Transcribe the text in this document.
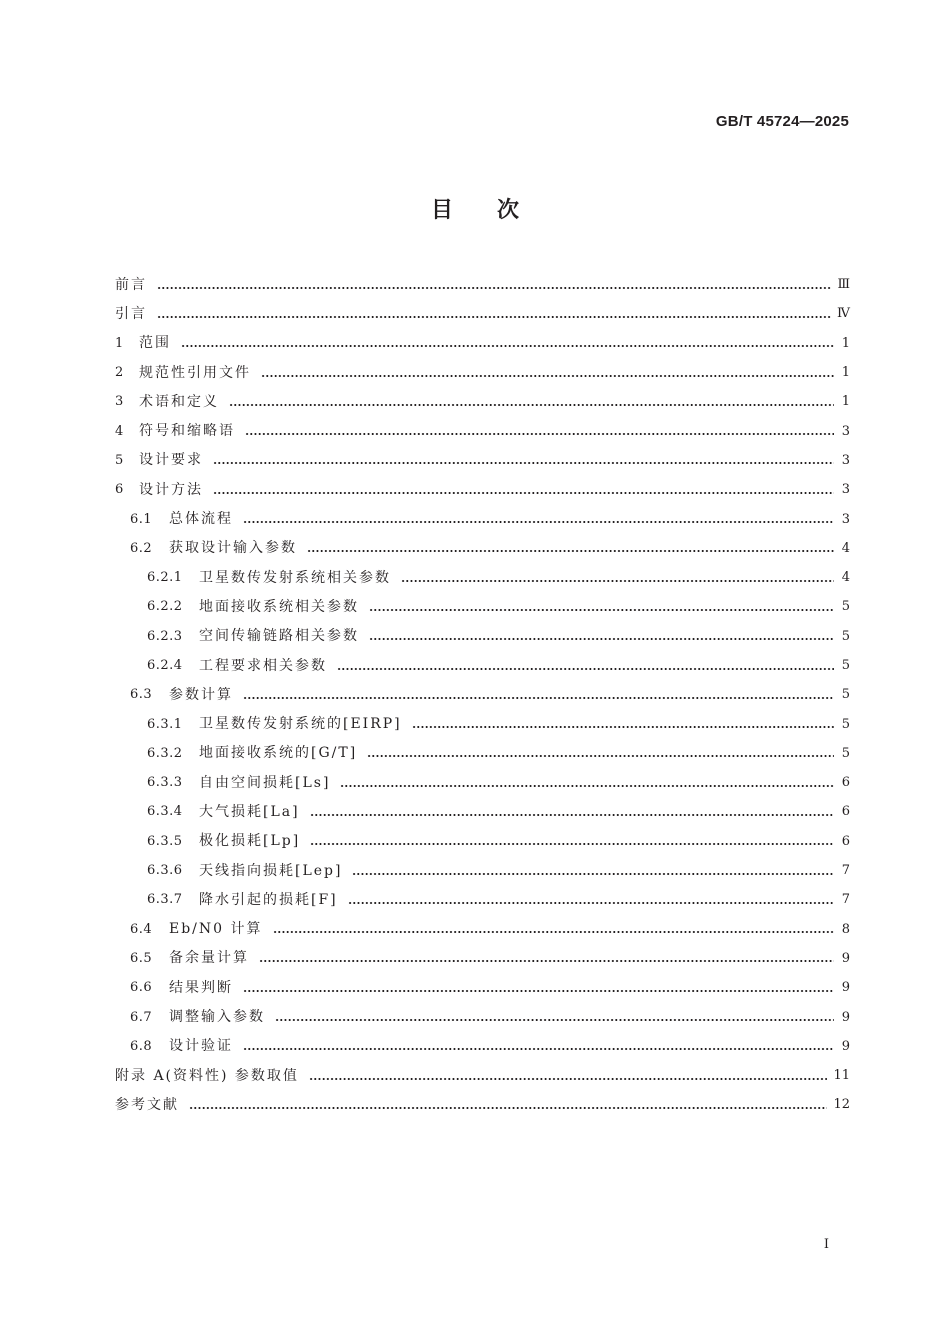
GB/T 45724—2025
目次
前言	Ⅲ
引言	Ⅳ
1	范围	1
2	规范性引用文件	1
3	术语和定义	1
4	符号和缩略语	3
5	设计要求	3
6	设计方法	3
6.1	总体流程	3
6.2	获取设计输入参数	4
6.2.1	卫星数传发射系统相关参数	4
6.2.2	地面接收系统相关参数	5
6.2.3	空间传输链路相关参数	5
6.2.4	工程要求相关参数	5
6.3	参数计算	5
6.3.1	卫星数传发射系统的[EIRP]	5
6.3.2	地面接收系统的[G/T]	5
6.3.3	自由空间损耗[Ls]	6
6.3.4	大气损耗[La]	6
6.3.5	极化损耗[Lp]	6
6.3.6	天线指向损耗[Lep]	7
6.3.7	降水引起的损耗[F]	7
6.4	Eb/N0 计算	8
6.5	备余量计算	9
6.6	结果判断	9
6.7	调整输入参数	9
6.8	设计验证	9
附录 A(资料性) 参数取值	11
参考文献	12
I
